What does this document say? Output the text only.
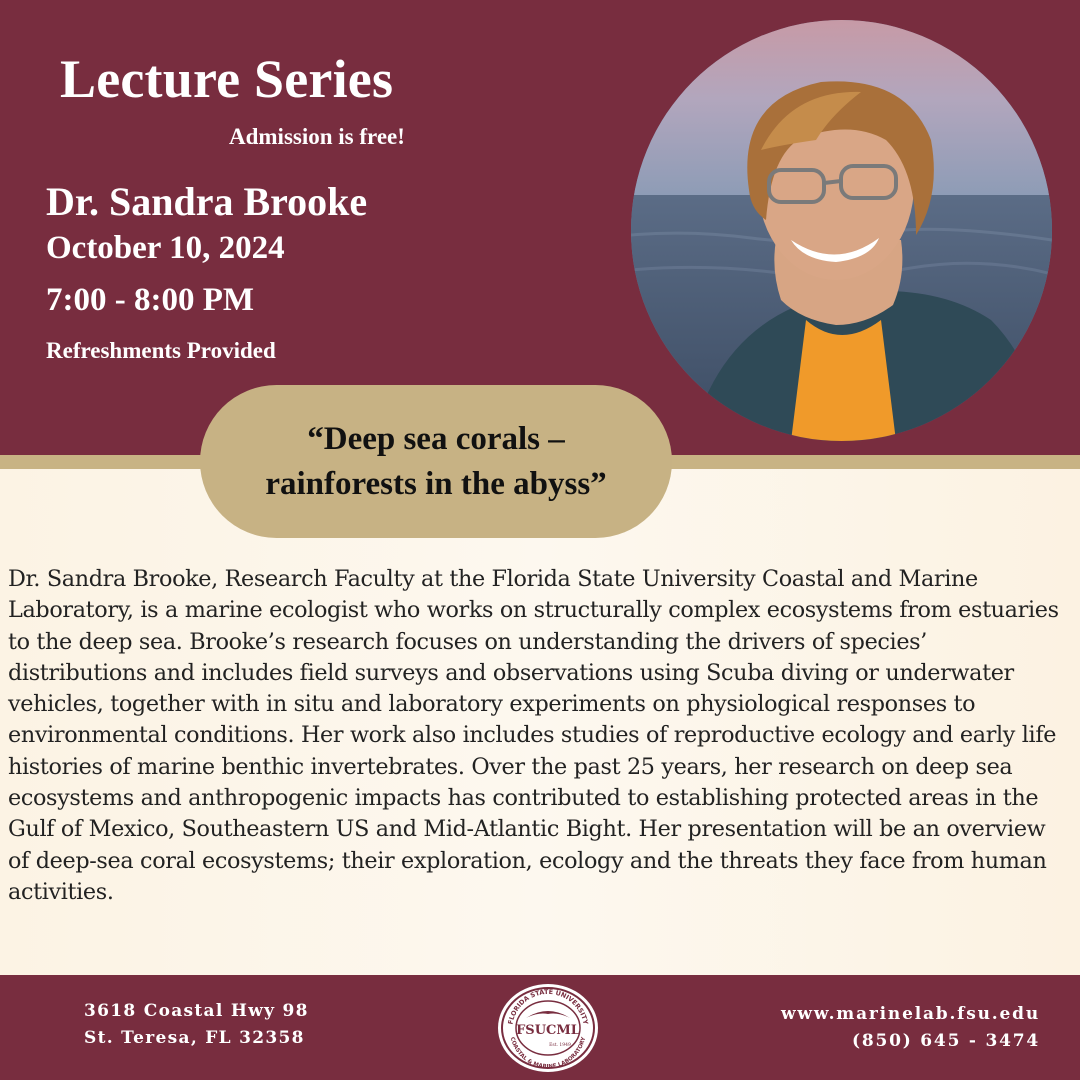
Lecture Series
Admission is free!
Dr. Sandra Brooke
October 10, 2024
7:00 - 8:00 PM
Refreshments Provided
“Deep sea corals –
rainforests in the abyss”

Dr. Sandra Brooke, Research Faculty at the Florida State University Coastal and Marine Laboratory, is a marine ecologist who works on structurally complex ecosystems from estuaries to the deep sea. Brooke’s research focuses on understanding the drivers of species’ distributions and includes field surveys and observations using Scuba diving or underwater vehicles, together with in situ and laboratory experiments on physiological responses to environmental conditions. Her work also includes studies of reproductive ecology and early life histories of marine benthic invertebrates. Over the past 25 years, her research on deep sea ecosystems and anthropogenic impacts has contributed to establishing protected areas in the Gulf of Mexico, Southeastern US and Mid-Atlantic Bight. Her presentation will be an overview of deep-sea coral ecosystems; their exploration, ecology and the threats they face from human activities.

3618 Coastal Hwy 98
St. Teresa, FL 32358
FLORIDA STATE UNIVERSITY
COASTAL & MARINE LABORATORY
FSUCML
Est. 1949
www.marinelab.fsu.edu
(850) 645 - 3474
